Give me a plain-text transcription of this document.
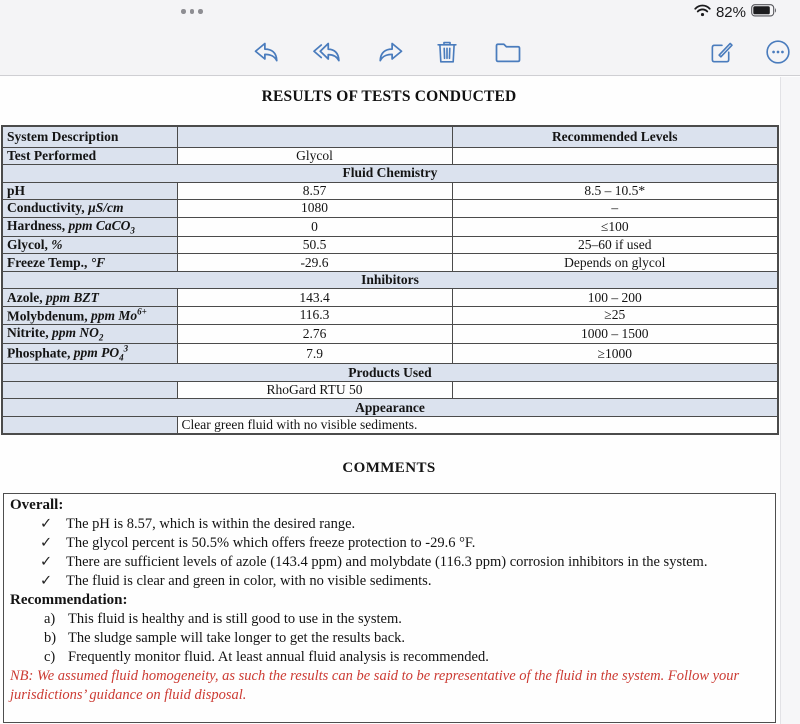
82%
RESULTS OF TESTS CONDUCTED
System Description		Recommended Levels
Test Performed	Glycol	
Fluid Chemistry		
pH	8.57	8.5 – 10.5*
Conductivity, µS/cm	1080	–
Hardness, ppm CaCO$_3$	0	≤100
Glycol, %	50.5	25–60 if used
Freeze Temp., °F	-29.6	Depends on glycol
Inhibitors		
Azole, ppm BZT	143.4	100 – 200
Molybdenum, ppm $Mo^{6+}$	116.3	≥25
Nitrite, ppm $NO_2$	2.76	1000 – 1500
Phosphate, ppm $PO_4^3$	7.9	≥1000
Products Used		
	RhoGard RTU 50	
Appearance		
	Clear green fluid with no visible sediments.	
COMMENTS
Overall:
✓ The pH is 8.57, which is within the desired range.
✓ The glycol percent is 50.5% which offers freeze protection to -29.6 °F.
✓ There are sufficient levels of azole (143.4 ppm) and molybdate (116.3 ppm) corrosion inhibitors in the system.
✓ The fluid is clear and green in color, with no visible sediments.
Recommendation:
a) This fluid is healthy and is still good to use in the system.
b) The sludge sample will take longer to get the results back.
c) Frequently monitor fluid. At least annual fluid analysis is recommended.
NB: We assumed fluid homogeneity, as such the results can be said to be representative of the fluid in the system. Follow your jurisdictions’ guidance on fluid disposal.
